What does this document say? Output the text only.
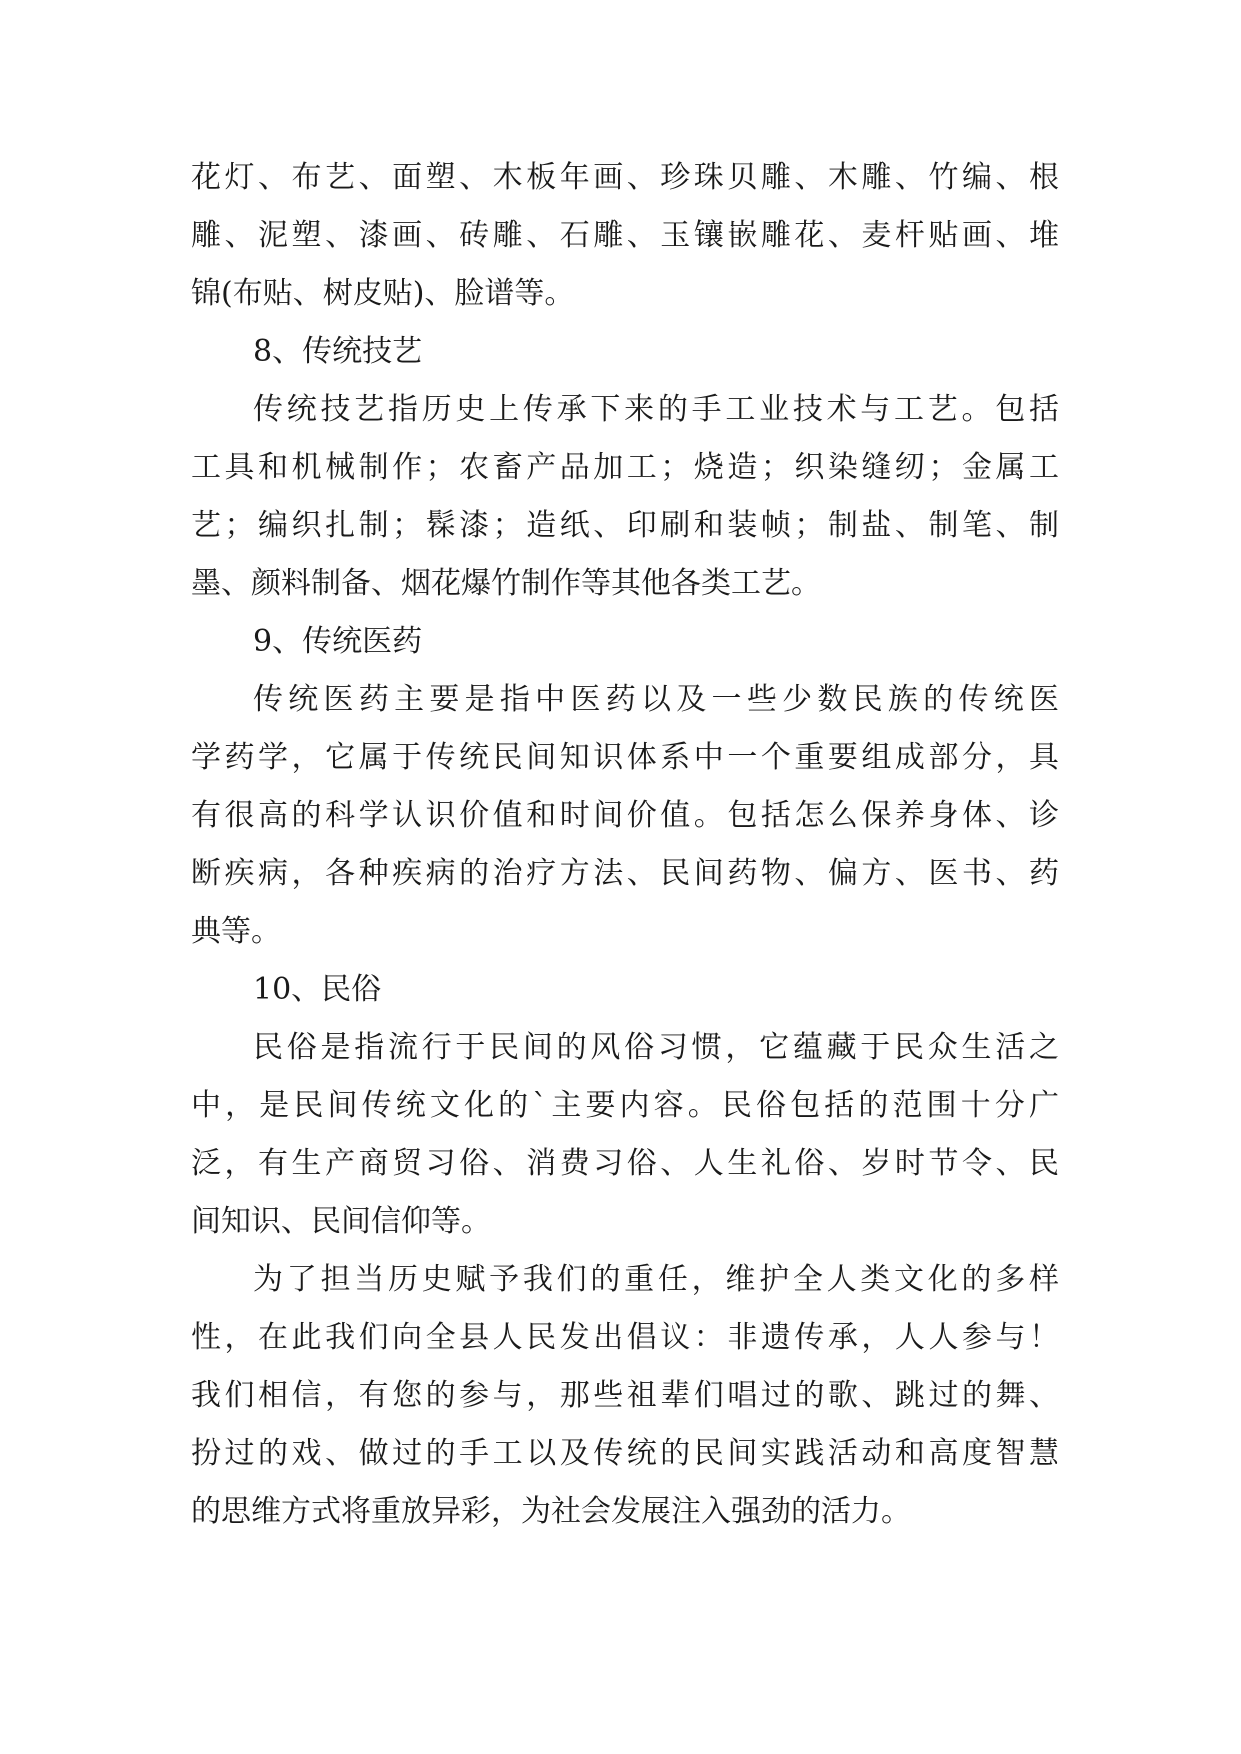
花灯、布艺、面塑、木板年画、珍珠贝雕、木雕、竹编、根
雕、泥塑、漆画、砖雕、石雕、玉镶嵌雕花、麦杆贴画、堆
锦(布贴、树皮贴)、脸谱等。
8、传统技艺
传统技艺指历史上传承下来的手工业技术与工艺。包括
工具和机械制作；农畜产品加工；烧造；织染缝纫；金属工
艺；编织扎制；髹漆；造纸、印刷和装帧；制盐、制笔、制
墨、颜料制备、烟花爆竹制作等其他各类工艺。
9、传统医药
传统医药主要是指中医药以及一些少数民族的传统医
学药学，它属于传统民间知识体系中一个重要组成部分，具
有很高的科学认识价值和时间价值。包括怎么保养身体、诊
断疾病，各种疾病的治疗方法、民间药物、偏方、医书、药
典等。
10、民俗
民俗是指流行于民间的风俗习惯，它蕴藏于民众生活之
中，是民间传统文化的`主要内容。民俗包括的范围十分广
泛，有生产商贸习俗、消费习俗、人生礼俗、岁时节令、民
间知识、民间信仰等。
为了担当历史赋予我们的重任，维护全人类文化的多样
性，在此我们向全县人民发出倡议：非遗传承，人人参与！
我们相信，有您的参与，那些祖辈们唱过的歌、跳过的舞、
扮过的戏、做过的手工以及传统的民间实践活动和高度智慧
的思维方式将重放异彩，为社会发展注入强劲的活力。
